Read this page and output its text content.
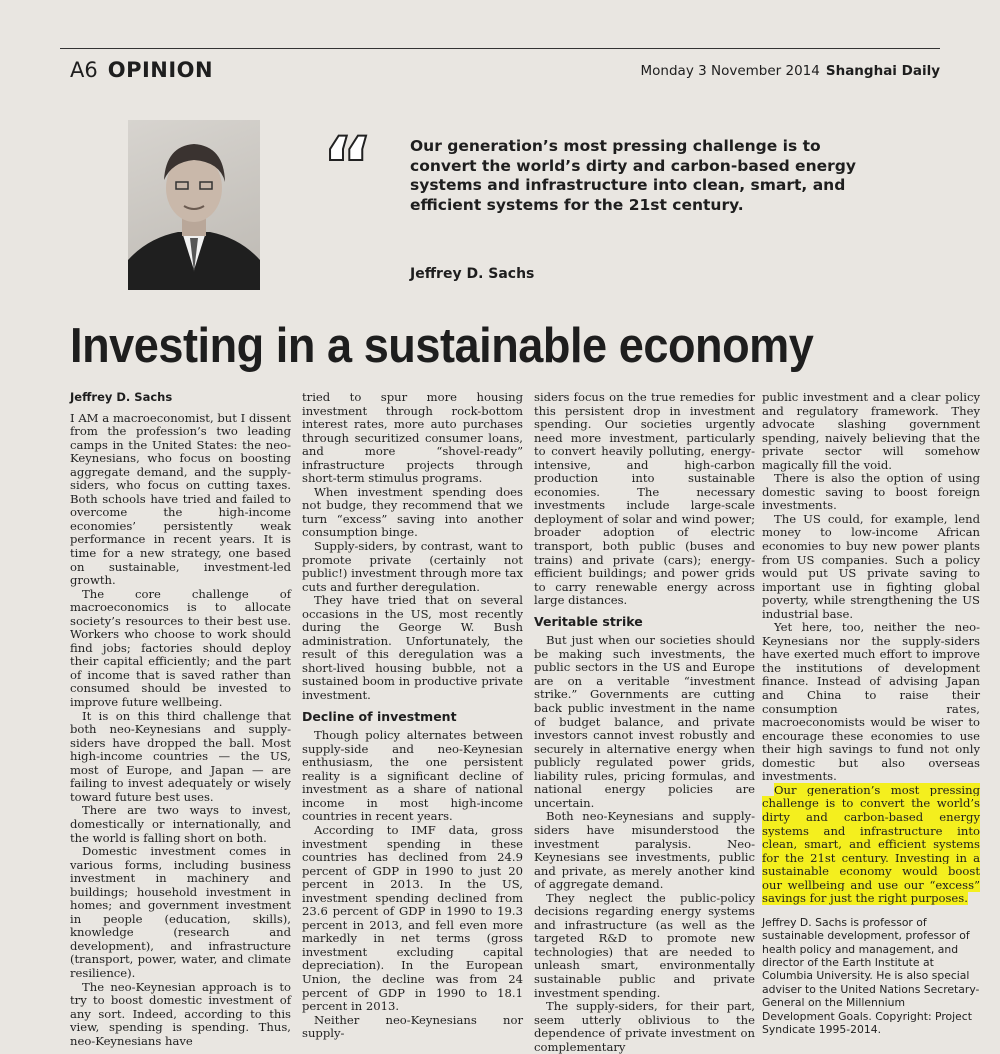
A6 OPINION	Monday 3 November 2014 Shanghai Daily
“ Our generation’s most pressing challenge is to convert the world’s dirty and carbon-based energy systems and infrastructure into clean, smart, and efficient systems for the 21st century.
Jeffrey D. Sachs
Investing in a sustainable economy

Jeffrey D. Sachs

I AM a macroeconomist, but I dissent from the profession’s two leading camps in the United States: the neo-Keynesians, who focus on boosting aggregate demand, and the supply-siders, who focus on cutting taxes. Both schools have tried and failed to overcome the high-income economies’ persistently weak performance in recent years. It is time for a new strategy, one based on sustainable, investment-led growth.

The core challenge of macroeconomics is to allocate society’s resources to their best use. Workers who choose to work should find jobs; factories should deploy their capital efficiently; and the part of income that is saved rather than consumed should be invested to improve future wellbeing.

It is on this third challenge that both neo-Keynesians and supply-siders have dropped the ball. Most high-income countries — the US, most of Europe, and Japan — are failing to invest adequately or wisely toward future best uses.

There are two ways to invest, domestically or internationally, and the world is falling short on both.

Domestic investment comes in various forms, including business investment in machinery and buildings; household investment in homes; and government investment in people (education, skills), knowledge (research and development), and infrastructure (transport, power, water, and climate resilience).

The neo-Keynesian approach is to try to boost domestic investment of any sort. Indeed, according to this view, spending is spending. Thus, neo-Keynesians have

tried to spur more housing investment through rock-bottom interest rates, more auto purchases through securitized consumer loans, and more “shovel-ready” infrastructure projects through short-term stimulus programs.

When investment spending does not budge, they recommend that we turn “excess” saving into another consumption binge.

Supply-siders, by contrast, want to promote private (certainly not public!) investment through more tax cuts and further deregulation.

They have tried that on several occasions in the US, most recently during the George W. Bush administration. Unfortunately, the result of this deregulation was a short-lived housing bubble, not a sustained boom in productive private investment.

Decline of investment

Though policy alternates between supply-side and neo-Keynesian enthusiasm, the one persistent reality is a significant decline of investment as a share of national income in most high-income countries in recent years.

According to IMF data, gross investment spending in these countries has declined from 24.9 percent of GDP in 1990 to just 20 percent in 2013. In the US, investment spending declined from 23.6 percent of GDP in 1990 to 19.3 percent in 2013, and fell even more markedly in net terms (gross investment excluding capital depreciation). In the European Union, the decline was from 24 percent of GDP in 1990 to 18.1 percent in 2013.

Neither neo-Keynesians nor supply-

siders focus on the true remedies for this persistent drop in investment spending. Our societies urgently need more investment, particularly to convert heavily polluting, energy-intensive, and high-carbon production into sustainable economies. The necessary investments include large-scale deployment of solar and wind power; broader adoption of electric transport, both public (buses and trains) and private (cars); energy-efficient buildings; and power grids to carry renewable energy across large distances.

Veritable strike

But just when our societies should be making such investments, the public sectors in the US and Europe are on a veritable “investment strike.” Governments are cutting back public investment in the name of budget balance, and private investors cannot invest robustly and securely in alternative energy when publicly regulated power grids, liability rules, pricing formulas, and national energy policies are uncertain.

Both neo-Keynesians and supply-siders have misunderstood the investment paralysis. Neo-Keynesians see investments, public and private, as merely another kind of aggregate demand.

They neglect the public-policy decisions regarding energy systems and infrastructure (as well as the targeted R&D to promote new technologies) that are needed to unleash smart, environmentally sustainable public and private investment spending.

The supply-siders, for their part, seem utterly oblivious to the dependence of private investment on complementary

public investment and a clear policy and regulatory framework. They advocate slashing government spending, naively believing that the private sector will somehow magically fill the void.

There is also the option of using domestic saving to boost foreign investments.

The US could, for example, lend money to low-income African economies to buy new power plants from US companies. Such a policy would put US private saving to important use in fighting global poverty, while strengthening the US industrial base.

Yet here, too, neither the neo-Keynesians nor the supply-siders have exerted much effort to improve the institutions of development finance. Instead of advising Japan and China to raise their consumption rates, macroeconomists would be wiser to encourage these economies to use their high savings to fund not only domestic but also overseas investments.

Our generation’s most pressing challenge is to convert the world’s dirty and carbon-based energy systems and infrastructure into clean, smart, and efficient systems for the 21st century. Investing in a sustainable economy would boost our wellbeing and use our “excess” savings for just the right purposes.

Jeffrey D. Sachs is professor of sustainable development, professor of health policy and management, and director of the Earth Institute at Columbia University. He is also special adviser to the United Nations Secretary-General on the Millennium Development Goals. Copyright: Project Syndicate 1995-2014.
